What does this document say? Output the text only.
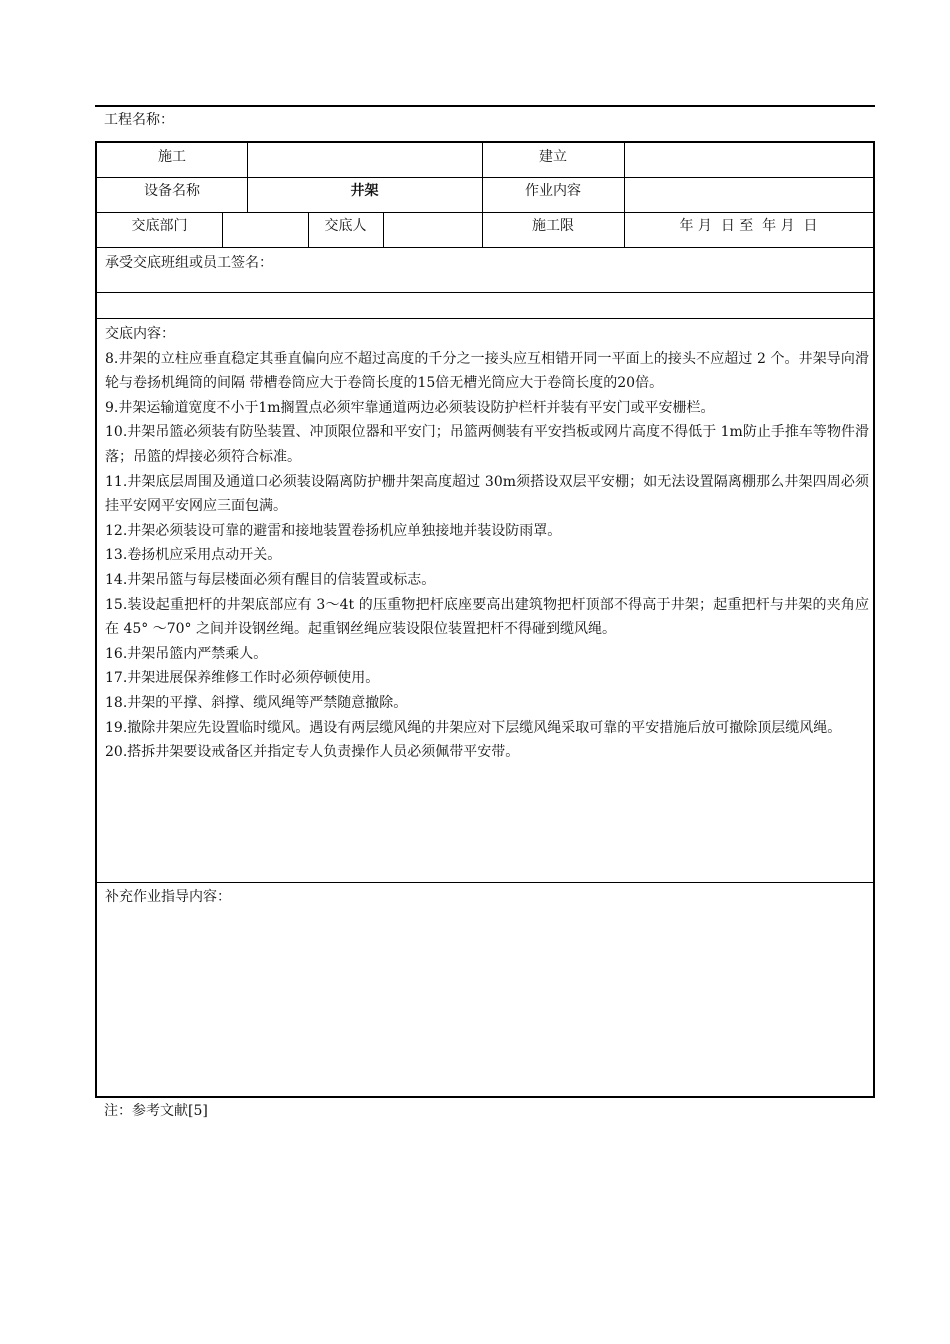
工程名称：
施工	建立
设备名称	井架	作业内容
交底部门	交底人	施工限	年 月  日 至  年 月  日
承受交底班组或员工签名：

交底内容：

8.井架的立柱应垂直稳定其垂直偏向应不超过高度的千分之一接头应互相错开同一平面上的接头不应超过 2 个。井架导向滑轮与卷扬机绳筒的间隔 带槽卷筒应大于卷筒长度的15倍无槽光筒应大于卷筒长度的20倍。

9.井架运输道宽度不小于1m搁置点必须牢靠通道两边必须装设防护栏杆并装有平安门或平安栅栏。

10.井架吊篮必须装有防坠装置、冲顶限位器和平安门；吊篮两侧装有平安挡板或网片高度不得低于 1m防止手推车等物件滑落；吊篮的焊接必须符合标准。

11.井架底层周围及通道口必须装设隔离防护栅井架高度超过 30m须搭设双层平安棚；如无法设置隔离棚那么井架四周必须挂平安网平安网应三面包满。

12.井架必须装设可靠的避雷和接地装置卷扬机应单独接地并装设防雨罩。

13.卷扬机应采用点动开关。

14.井架吊篮与每层楼面必须有醒目的信装置或标志。

15.装设起重把杆的井架底部应有 3～4t 的压重物把杆底座要高出建筑物把杆顶部不得高于井架；起重把杆与井架的夹角应在 45° ～70° 之间并设钢丝绳。起重钢丝绳应装设限位装置把杆不得碰到缆风绳。

16.井架吊篮内严禁乘人。

17.井架进展保养维修工作时必须停顿使用。

18.井架的平撑、斜撑、缆风绳等严禁随意撤除。

19.撤除井架应先设置临时缆风。遇设有两层缆风绳的井架应对下层缆风绳采取可靠的平安措施后放可撤除顶层缆风绳。

20.搭拆井架要设戒备区并指定专人负责操作人员必须佩带平安带。

补充作业指导内容：
注：参考文献[5]
